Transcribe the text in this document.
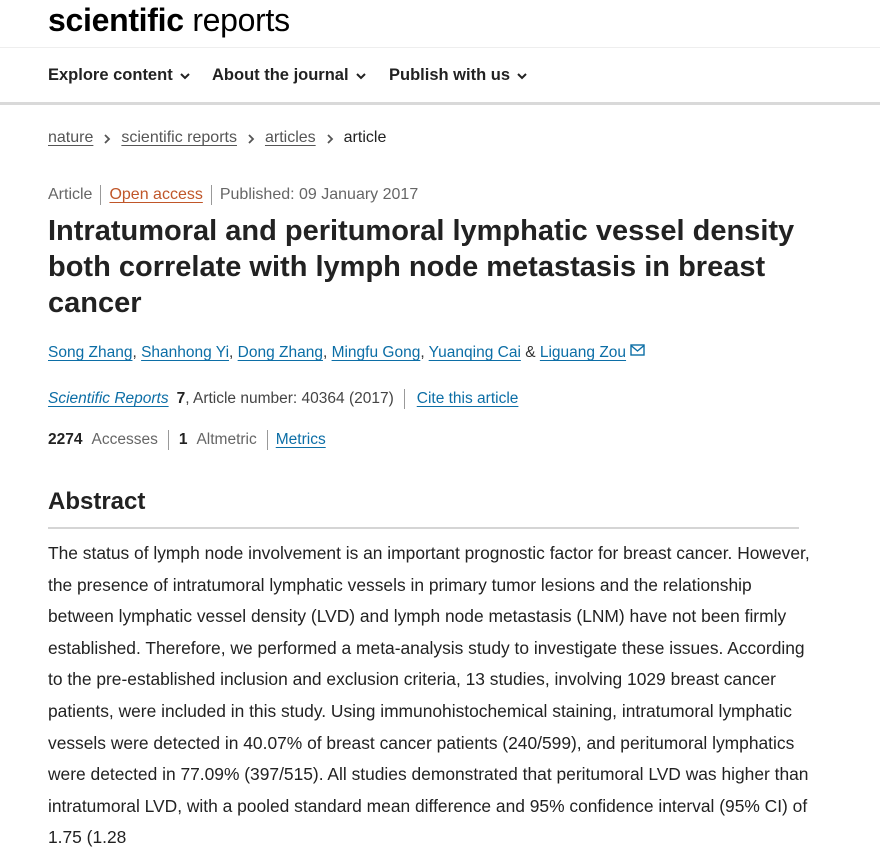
scientific reports
Explore content About the journal Publish with us
nature scientific reports articles article
Article Open access Published: 09 January 2017
Intratumoral and peritumoral lymphatic vessel density both correlate with lymph node metastasis in breast cancer
Song Zhang, Shanhong Yi, Dong Zhang, Mingfu Gong, Yuanqing Cai & Liguang Zou
Scientific Reports 7 , Article number: 40364 (2017) Cite this article
2274 Accesses 1 Altmetric Metrics
Abstract

The status of lymph node involvement is an important prognostic factor for breast cancer. However, the presence of intratumoral lymphatic vessels in primary tumor lesions and the relationship between lymphatic vessel density (LVD) and lymph node metastasis (LNM) have not been firmly established. Therefore, we performed a meta-analysis study to investigate these issues. According to the pre-established inclusion and exclusion criteria, 13 studies, involving 1029 breast cancer patients, were included in this study. Using immunohistochemical staining, intratumoral lymphatic vessels were detected in 40.07% of breast cancer patients (240/599), and peritumoral lymphatics were detected in 77.09% (397/515). All studies demonstrated that peritumoral LVD was higher than intratumoral LVD, with a pooled standard mean difference and 95% confidence interval (95% CI) of 1.75 (1.28
